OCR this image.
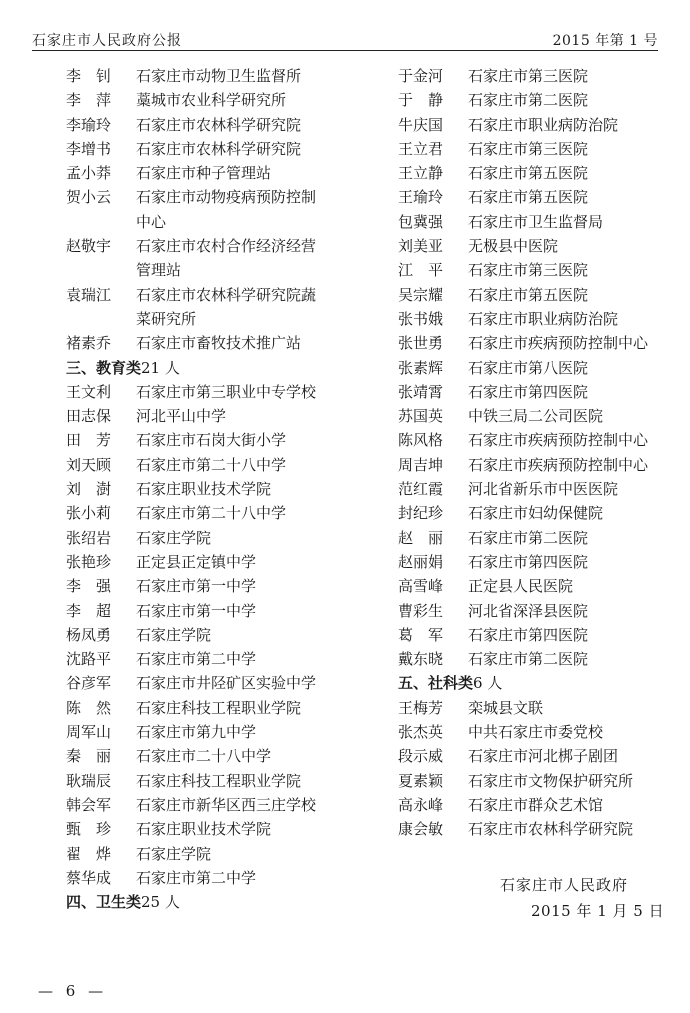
石家庄市人民政府公报	2015 年第 1 号
李　钊	石家庄市动物卫生监督所
李　萍	藁城市农业科学研究所
李瑜玲	石家庄市农林科学研究院
李增书	石家庄市农林科学研究院
孟小莽	石家庄市种子管理站
贺小云	石家庄市动物疫病预防控制
中心
赵敬宇	石家庄市农村合作经济经营
管理站
袁瑞江	石家庄市农林科学研究院蔬
菜研究所
褚素乔	石家庄市畜牧技术推广站
三、教育类21 人
王文利	石家庄市第三职业中专学校
田志保	河北平山中学
田　芳	石家庄市石岗大街小学
刘天顾	石家庄市第二十八中学
刘　澍	石家庄职业技术学院
张小莉	石家庄市第二十八中学
张绍岩	石家庄学院
张艳珍	正定县正定镇中学
李　强	石家庄市第一中学
李　超	石家庄市第一中学
杨凤勇	石家庄学院
沈路平	石家庄市第二中学
谷彦军	石家庄市井陉矿区实验中学
陈　然	石家庄科技工程职业学院
周军山	石家庄市第九中学
秦　丽	石家庄市二十八中学
耿瑞辰	石家庄科技工程职业学院
韩会军	石家庄市新华区西三庄学校
甄　珍	石家庄职业技术学院
翟　烨	石家庄学院
蔡华成	石家庄市第二中学
四、卫生类25 人
于金河	石家庄市第三医院
于　静	石家庄市第二医院
牛庆国	石家庄市职业病防治院
王立君	石家庄市第三医院
王立静	石家庄市第五医院
王瑜玲	石家庄市第五医院
包冀强	石家庄市卫生监督局
刘美亚	无极县中医院
江　平	石家庄市第三医院
吴宗耀	石家庄市第五医院
张书娥	石家庄市职业病防治院
张世勇	石家庄市疾病预防控制中心
张素辉	石家庄市第八医院
张靖霄	石家庄市第四医院
苏国英	中铁三局二公司医院
陈风格	石家庄市疾病预防控制中心
周吉坤	石家庄市疾病预防控制中心
范红霞	河北省新乐市中医医院
封纪珍	石家庄市妇幼保健院
赵　丽	石家庄市第二医院
赵丽娟	石家庄市第四医院
高雪峰	正定县人民医院
曹彩生	河北省深泽县医院
葛　军	石家庄市第四医院
戴东晓	石家庄市第二医院
五、社科类6 人
王梅芳	栾城县文联
张杰英	中共石家庄市委党校
段示威	石家庄市河北梆子剧团
夏素颖	石家庄市文物保护研究所
高永峰	石家庄市群众艺术馆
康会敏	石家庄市农林科学研究院
石家庄市人民政府
2015 年 1 月 5 日
— 6 —
